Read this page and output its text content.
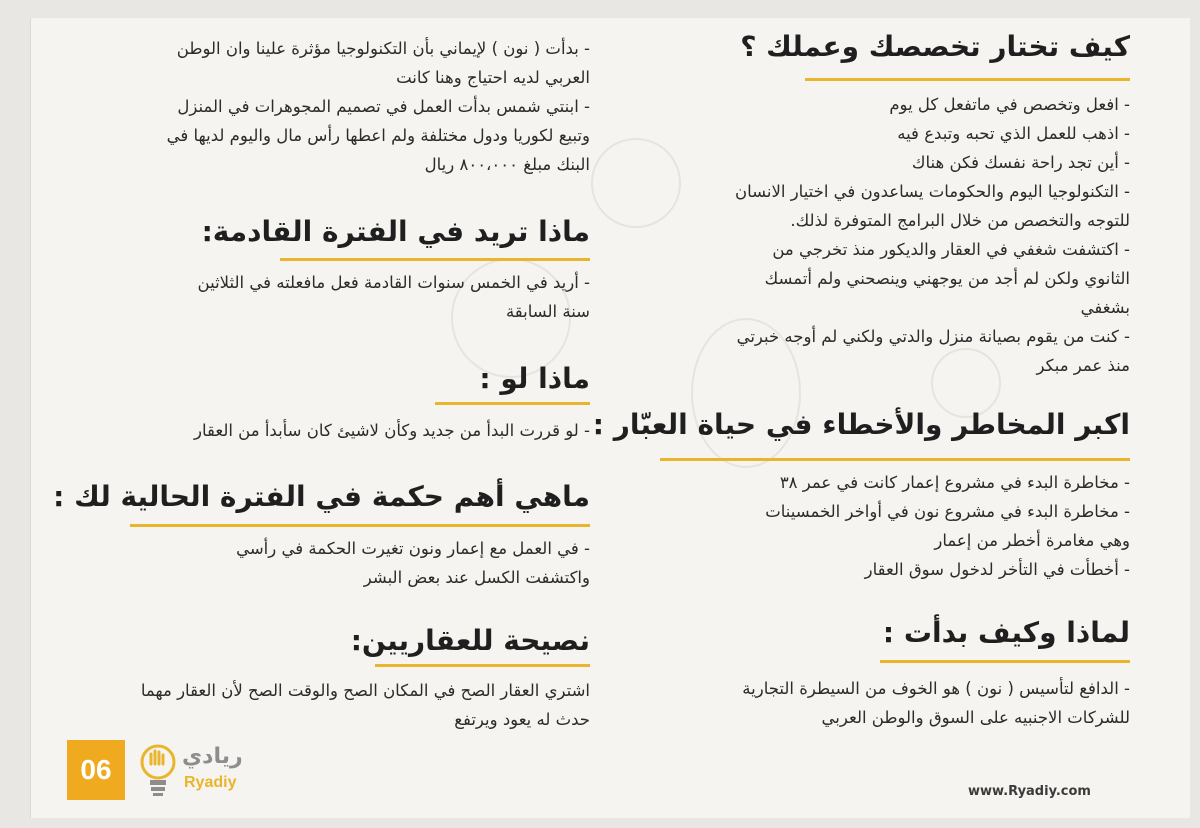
كيف تختار تخصصك وعملك ؟
- افعل وتخصص في ماتفعل كل يوم
- اذهب للعمل الذي تحبه وتبدع فيه
- أين تجد راحة نفسك فكن هناك
- التكنولوجيا اليوم والحكومات يساعدون في اختيار الانسان
للتوجه والتخصص من خلال البرامج المتوفرة لذلك.
- اكتشفت شغفي في العقار والديكور منذ تخرجي من
الثانوي ولكن لم أجد من يوجهني وينصحني ولم أتمسك
بشغفي
- كنت من يقوم بصيانة منزل والدتي ولكني لم أوجه خبرتي
منذ عمر مبكر
اكبر المخاطر والأخطاء في حياة العبّار :
- مخاطرة البدء في مشروع إعمار كانت في عمر ٣٨
- مخاطرة البدء في مشروع نون في أواخر الخمسينات
وهي مغامرة أخطر من إعمار
- أخطأت في التأخر لدخول سوق العقار
لماذا وكيف بدأت :
- الدافع لتأسيس ( نون ) هو الخوف من السيطرة التجارية
للشركات الاجنبيه على السوق والوطن العربي
- بدأت ( نون ) لإيماني بأن التكنولوجيا مؤثرة علينا وان الوطن
العربي لديه احتياج وهنا كانت
- ابنتي شمس بدأت العمل في تصميم المجوهرات في المنزل
وتبيع لكوريا ودول مختلفة ولم اعطها رأس مال واليوم لديها في
البنك مبلغ ٨٠٠،٠٠٠ ريال
ماذا تريد في الفترة القادمة:
- أريد في الخمس سنوات القادمة فعل مافعلته في الثلاثين
سنة السابقة
ماذا لو :
- لو قررت البدأ من جديد وكأن لاشيئ كان سأبدأ من العقار
ماهي أهم حكمة في الفترة الحالية لك :
- في العمل مع إعمار ونون تغيرت الحكمة في رأسي
واكتشفت الكسل عند بعض البشر
نصيحة للعقاريين:
اشتري العقار الصح في المكان الصح والوقت الصح لأن العقار مهما
حدث له يعود ويرتفع
06	ريادي
Ryadiy
www.Ryadiy.com
